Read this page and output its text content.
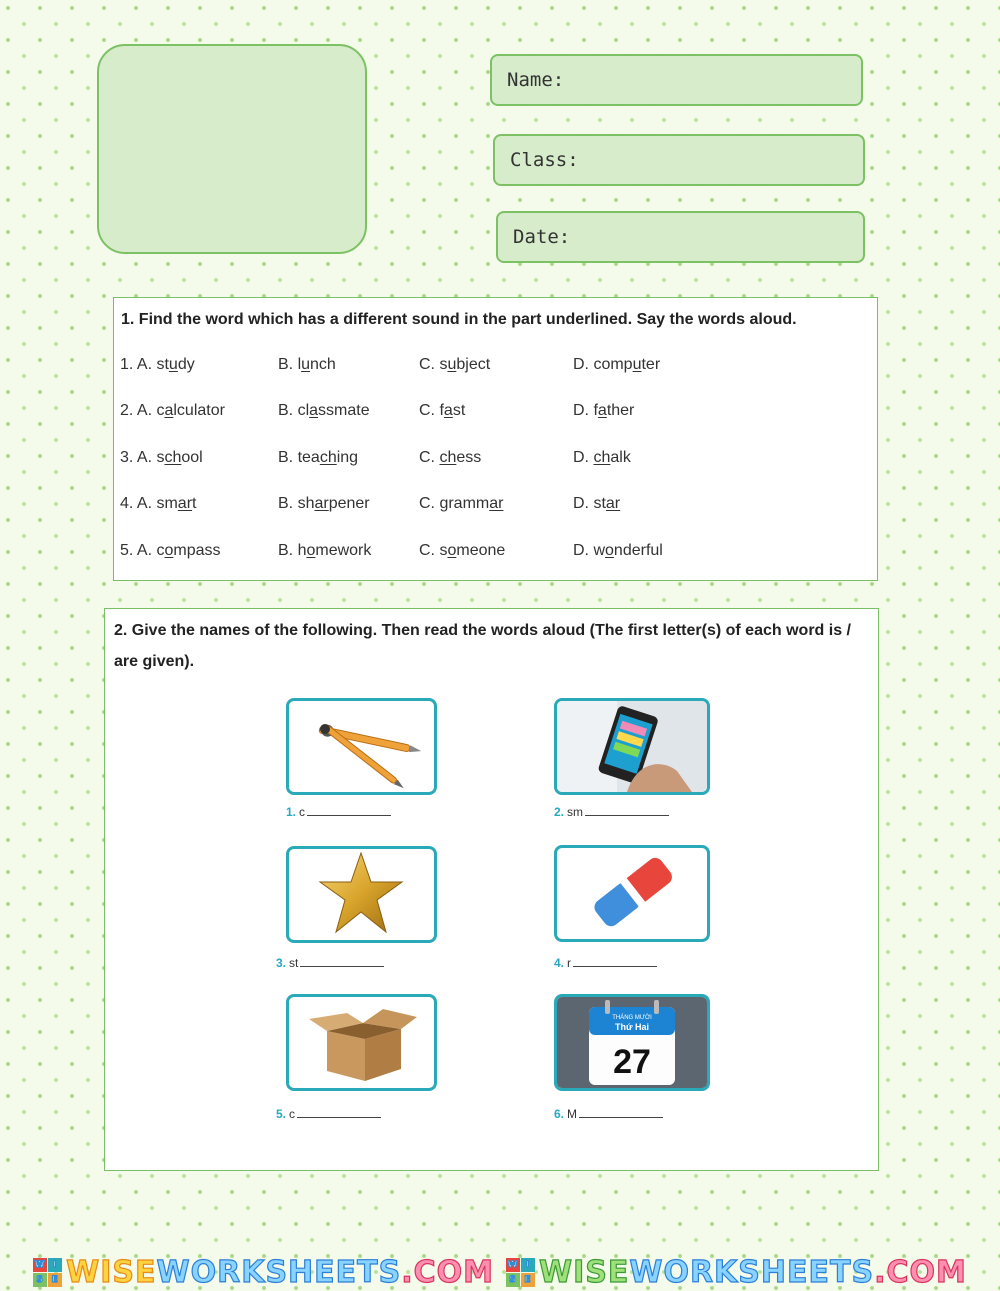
Name:
Class:
Date:
1. Find the word which has a different sound in the part underlined. Say the words aloud.
1. A. study	B. lunch	C. subject	D. computer
2. A. calculator	B. classmate	C. fast	D. father
3. A. school	B. teaching	C. chess	D. chalk
4. A. smart	B. sharpener	C. grammar	D. star
5. A. compass	B. homework	C. someone	D. wonderful
2. Give the names of the following. Then read the words aloud (The first letter(s) of each word is / are given).
1. c	2. sm
3. st	4. r
5. c
THÁNG MƯỜI
Thứ Hai
27
6. M
W I
S E WISE WORKSHEETS .COM W I
S E WISE WORKSHEETS .COM
